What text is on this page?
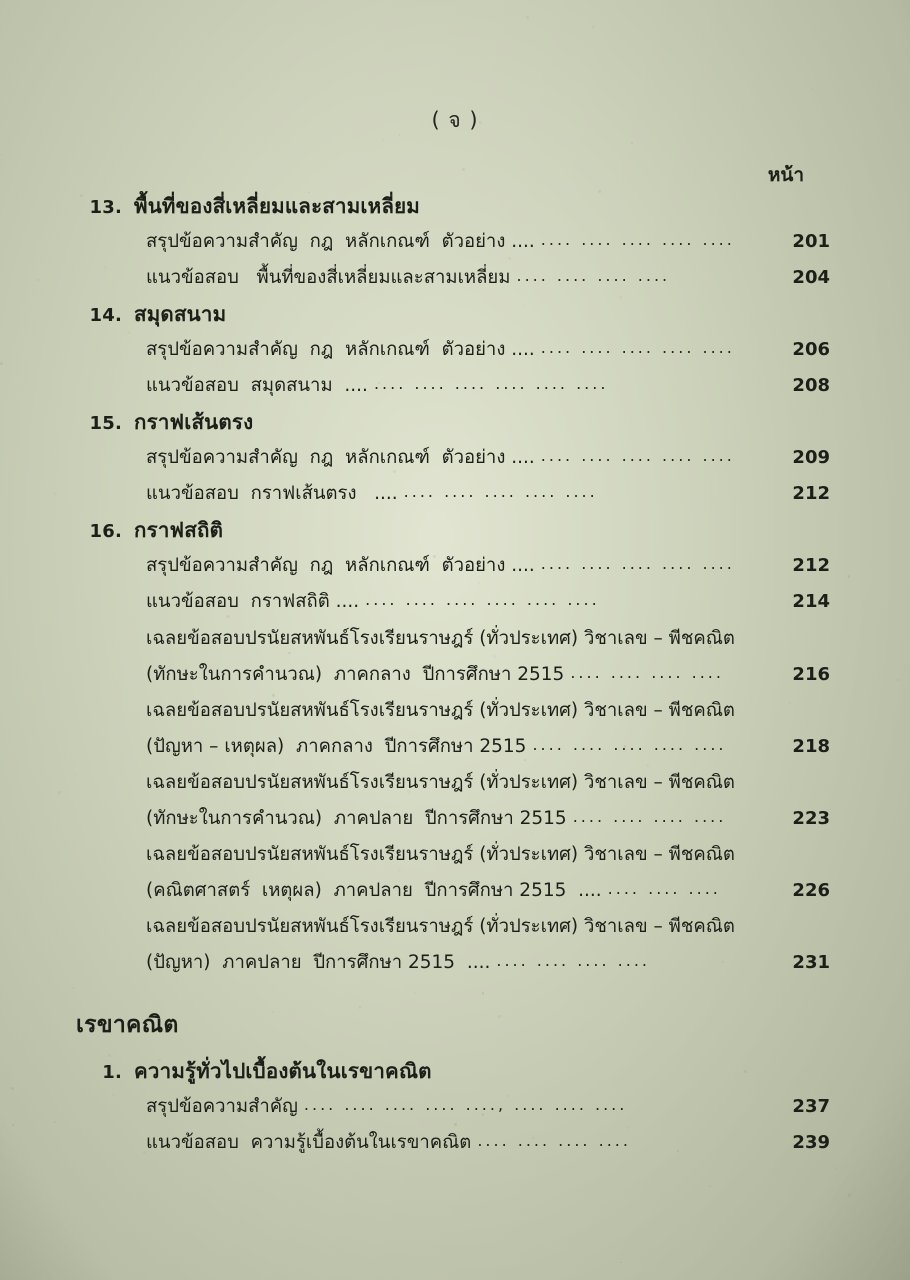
( จ )
หน้า
13. พื้นที่ของสี่เหลี่ยมและสามเหลี่ยม
สรุปข้อความสำคัญ  กฎ  หลักเกณฑ์  ตัวอย่าง .... .... .... .... .... ....	201
แนวข้อสอบ   พื้นที่ของสี่เหลี่ยมและสามเหลี่ยม .... .... .... ....	204
14. สมุดสนาม
สรุปข้อความสำคัญ  กฎ  หลักเกณฑ์  ตัวอย่าง .... .... .... .... .... ....	206
แนวข้อสอบ  สมุดสนาม  .... .... .... .... .... .... ....	208
15. กราฟเส้นตรง
สรุปข้อความสำคัญ  กฎ  หลักเกณฑ์  ตัวอย่าง .... .... .... .... .... ....	209
แนวข้อสอบ  กราฟเส้นตรง   .... .... .... .... .... ....	212
16. กราฟสถิติ
สรุปข้อความสำคัญ  กฎ  หลักเกณฑ์  ตัวอย่าง .... .... .... .... .... ....	212
แนวข้อสอบ  กราฟสถิติ .... .... .... .... .... .... ....	214
เฉลยข้อสอบปรนัยสหพันธ์โรงเรียนราษฎร์ (ทั่วประเทศ) วิชาเลข – พีชคณิต
(ทักษะในการคำนวณ)  ภาคกลาง  ปีการศึกษา 2515 .... .... .... ....	216
เฉลยข้อสอบปรนัยสหพันธ์โรงเรียนราษฎร์ (ทั่วประเทศ) วิชาเลข – พีชคณิต
(ปัญหา – เหตุผล)  ภาคกลาง  ปีการศึกษา 2515 .... .... .... .... ....	218
เฉลยข้อสอบปรนัยสหพันธ์โรงเรียนราษฎร์ (ทั่วประเทศ) วิชาเลข – พีชคณิต
(ทักษะในการคำนวณ)  ภาคปลาย  ปีการศึกษา 2515 .... .... .... ....	223
เฉลยข้อสอบปรนัยสหพันธ์โรงเรียนราษฎร์ (ทั่วประเทศ) วิชาเลข – พีชคณิต
(คณิตศาสตร์  เหตุผล)  ภาคปลาย  ปีการศึกษา 2515  .... .... .... ....	226
เฉลยข้อสอบปรนัยสหพันธ์โรงเรียนราษฎร์ (ทั่วประเทศ) วิชาเลข – พีชคณิต
(ปัญหา)  ภาคปลาย  ปีการศึกษา 2515  .... .... .... .... ....	231
เรขาคณิต
1. ความรู้ทั่วไปเบื้องต้นในเรขาคณิต
สรุปข้อความสำคัญ .... .... .... .... ...., .... .... ....	237
แนวข้อสอบ  ความรู้เบื้องต้นในเรขาคณิต .... .... .... ....	239
